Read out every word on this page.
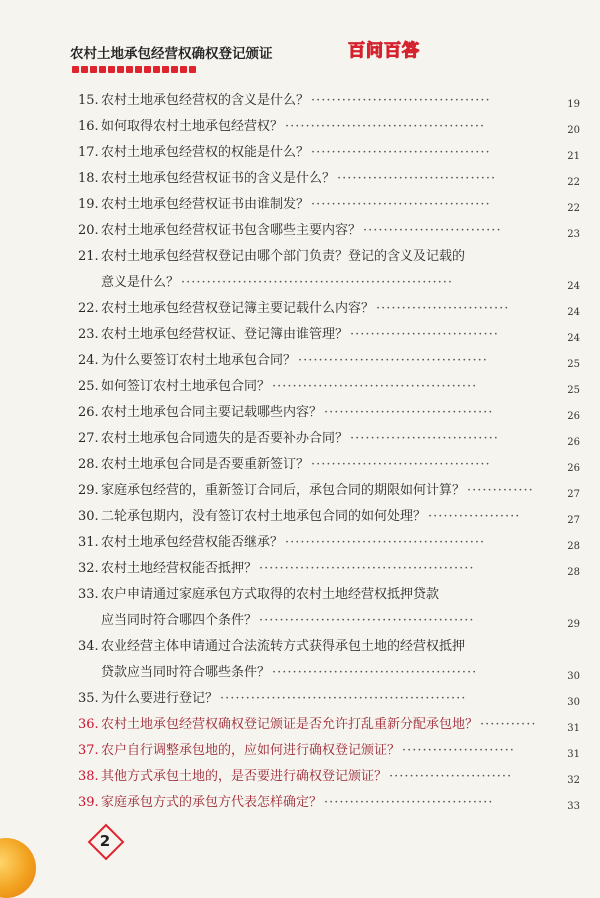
农村土地承包经营权确权登记颁证	百问百答
15. 农村土地承包经营权的含义是什么？ ···································	19
16. 如何取得农村土地承包经营权？ ·······································	20
17. 农村土地承包经营权的权能是什么？ ···································	21
18. 农村土地承包经营权证书的含义是什么？ ·······························	22
19. 农村土地承包经营权证书由谁制发？ ···································	22
20. 农村土地承包经营权证书包含哪些主要内容？ ···························	23
21. 农村土地承包经营权登记由哪个部门负责？登记的含义及记载的
意义是什么？ ·····················································	24
22. 农村土地承包经营权登记簿主要记载什么内容？ ··························	24
23. 农村土地承包经营权证、登记簿由谁管理？ ·····························	24
24. 为什么要签订农村土地承包合同？ ·····································	25
25. 如何签订农村土地承包合同？ ········································	25
26. 农村土地承包合同主要记载哪些内容？ ·································	26
27. 农村土地承包合同遗失的是否要补办合同？ ·····························	26
28. 农村土地承包合同是否要重新签订？ ···································	26
29. 家庭承包经营的，重新签订合同后，承包合同的期限如何计算？ ·············	27
30. 二轮承包期内，没有签订农村土地承包合同的如何处理？ ··················	27
31. 农村土地承包经营权能否继承？ ·······································	28
32. 农村土地经营权能否抵押？ ··········································	28
33. 农户申请通过家庭承包方式取得的农村土地经营权抵押贷款
应当同时符合哪四个条件？ ··········································	29
34. 农业经营主体申请通过合法流转方式获得承包土地的经营权抵押
贷款应当同时符合哪些条件？ ········································	30
35. 为什么要进行登记？ ················································	30
36. 农村土地承包经营权确权登记颁证是否允许打乱重新分配承包地？ ···········	31
37. 农户自行调整承包地的，应如何进行确权登记颁证？ ······················	31
38. 其他方式承包土地的，是否要进行确权登记颁证？ ························	32
39. 家庭承包方式的承包方代表怎样确定？ ·································	33
2
